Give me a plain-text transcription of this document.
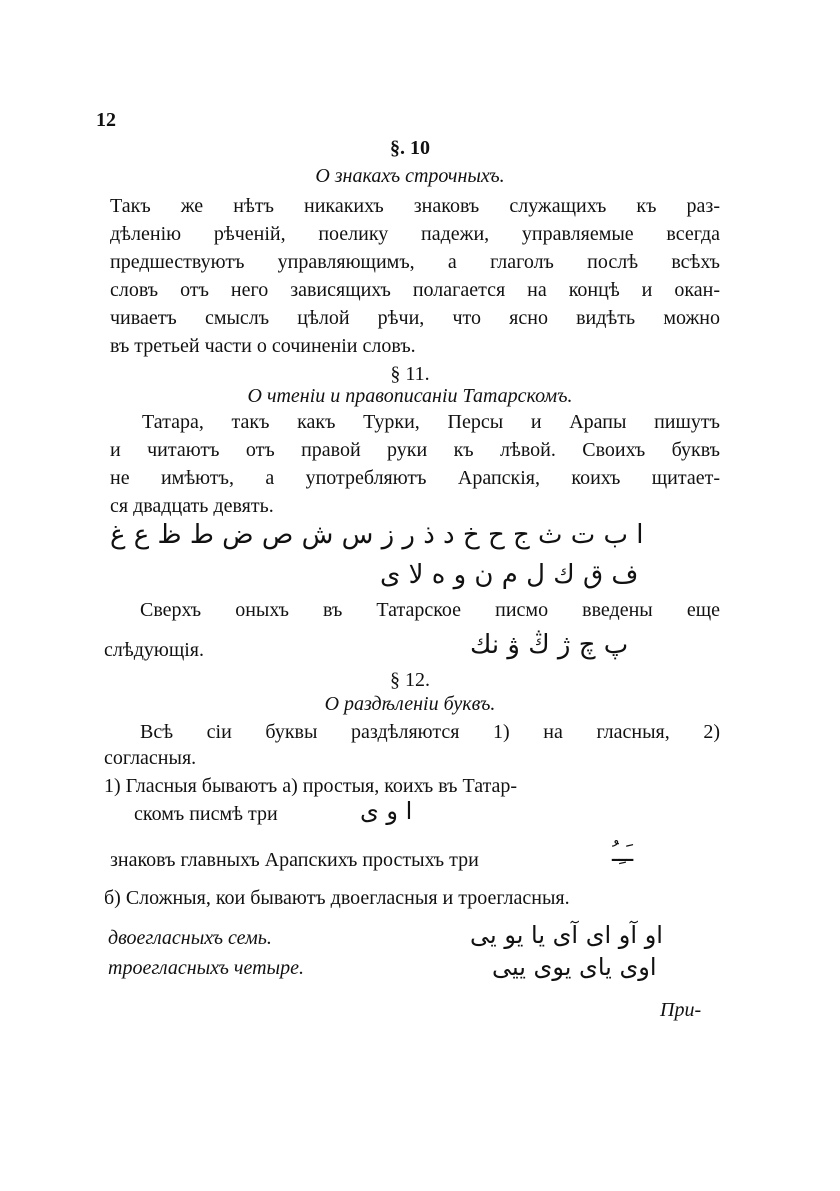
12
§. 10
О знакахъ строчныхъ.
Такъ же нѣтъ никакихъ знаковъ служащихъ къ раз-
дѣленію рѣченій, поелику падежи, управляемые всегда
предшествуютъ управляющимъ, а глаголъ послѣ всѣхъ
словъ отъ него зависящихъ полагается на концѣ и окан-
чиваетъ смыслъ цѣлой рѣчи, что ясно видѣть можно
въ третьей части о сочиненіи словъ.
§ 11.
О чтеніи и правописаніи Татарскомъ.
Татара, такъ какъ Турки, Персы и Арапы пишутъ
и читаютъ отъ правой руки къ лѣвой. Своихъ буквъ
не имѣютъ, а употребляютъ Арапскія, коихъ щитает-
ся двадцать девять.
ا ب ت ث ج ح خ د ذ ر ز س ش ص ض ط ظ ع غ
ف ق ك ل م ن و ه لا ى
Сверхъ оныхъ въ Татарское писмо введены еще
слѣдующія.	پ چ ژ ڭ ۋ نك
§ 12.
О раздѣленіи буквъ.
Всѣ сіи буквы раздѣляются 1) на гласныя, 2)
согласныя.
1) Гласныя бываютъ а) простыя, коихъ въ Татар-
скомъ писмѣ три	ا و ى
знаковъ главныхъ Арапскихъ простыхъ три	ـَـِـُ
б) Сложныя, кои бываютъ двоегласныя и троегласныя.
двоегласныхъ семь.	او آو اى آى يا يو يى
троегласныхъ четыре.	اوى ياى يوى ييى
При-
